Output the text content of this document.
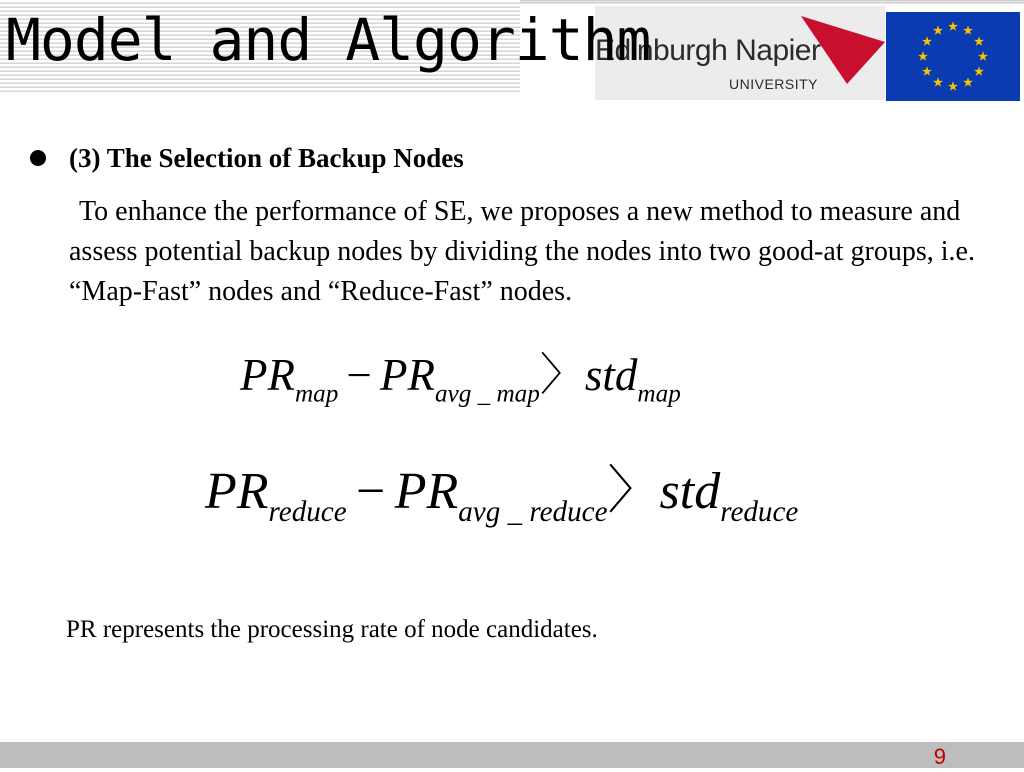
Model and Algorithm
Edinburgh Napier
UNIVERSITY

(3) The Selection of Backup Nodes

To enhance the performance of SE, we proposes a new method to measure and assess potential backup nodes by dividing the nodes into two good-at groups, i.e. “Map-Fast” nodes and “Reduce-Fast” nodes.

$PR_{map} - PR_{avg \_ map}$〉std$_{map}$
$PR_{reduce} - PR_{avg \_ reduce}$〉std$_{reduce}$

PR represents the processing rate of node candidates.

9
